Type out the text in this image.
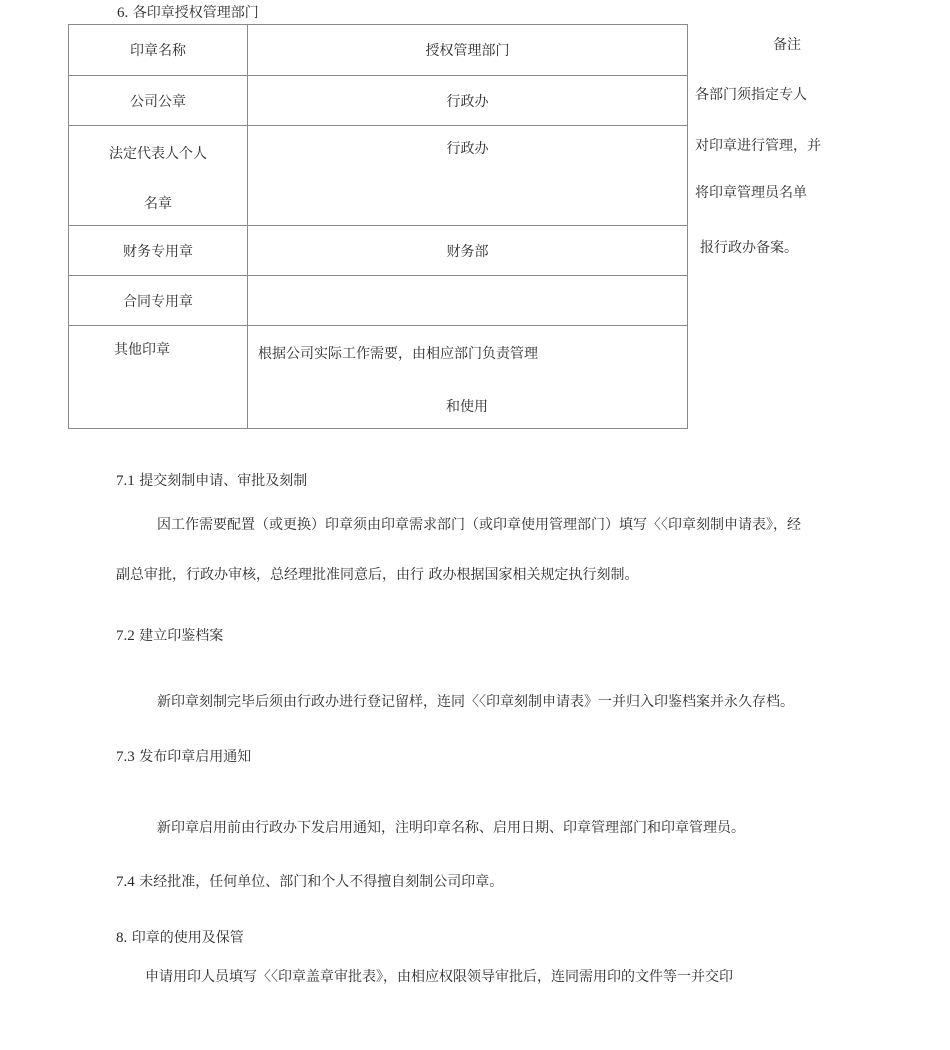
6. 各印章授权管理部门
印章名称	授权管理部门
公司公章	行政办

法定代表人个人
名章	行政办

财务专用章	财务部
合同专用章	

其他印章	根据公司实际工作需要，由相应部门负责管理
和使用
备注
各部门须指定专人
对印章进行管理，并
将印章管理员名单
报行政办备案。
7.1 提交刻制申请、审批及刻制
因工作需要配置（或更换）印章须由印章需求部门（或印章使用管理部门）填写〈〈印章刻制申请表》，经
副总审批，行政办审核，总经理批准同意后，由行 政办根据国家相关规定执行刻制。
7.2 建立印鉴档案
新印章刻制完毕后须由行政办进行登记留样，连同〈〈印章刻制申请表》一并归入印鉴档案并永久存档。
7.3 发布印章启用通知
新印章启用前由行政办下发启用通知，注明印章名称、启用日期、印章管理部门和印章管理员。
7.4 未经批准，任何单位、部门和个人不得擅自刻制公司印章。
8. 印章的使用及保管
申请用印人员填写〈〈印章盖章审批表》，由相应权限领导审批后，连同需用印的文件等一并交印
